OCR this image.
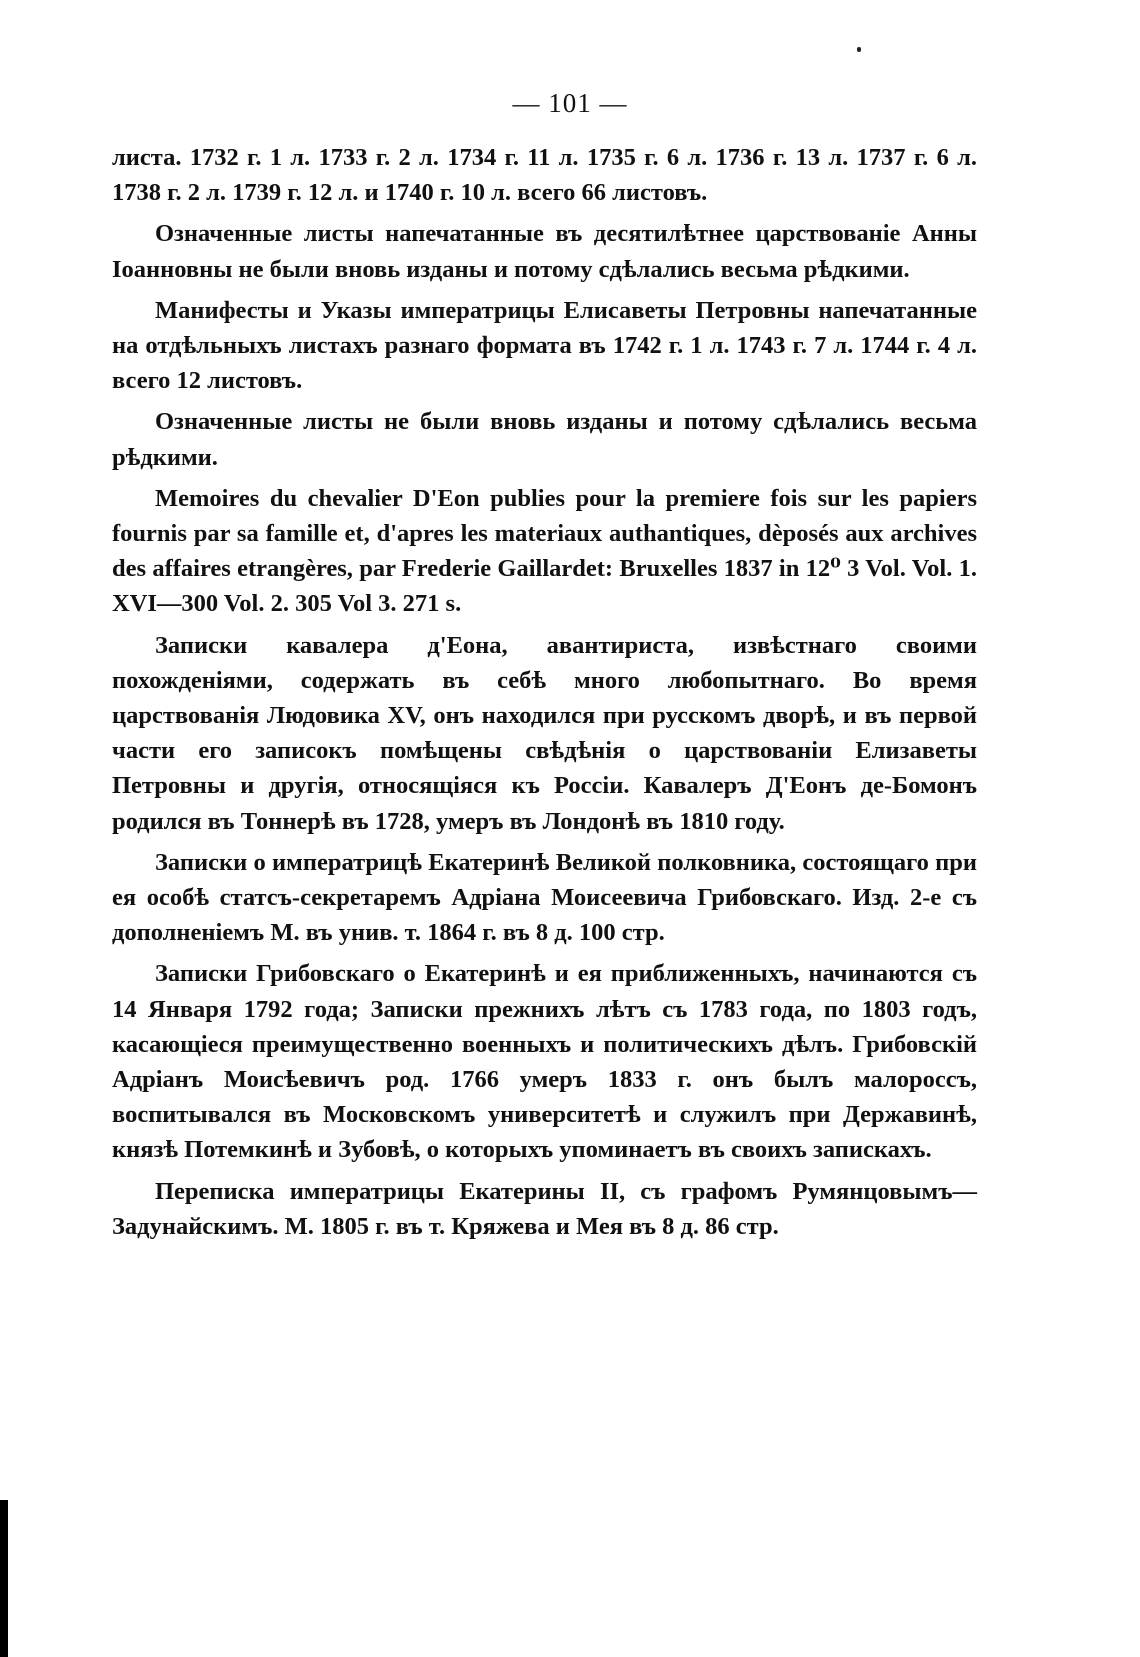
— 101 —

листа. 1732 г. 1 л. 1733 г. 2 л. 1734 г. 11 л. 1735 г. 6 л. 1736 г. 13 л. 1737 г. 6 л. 1738 г. 2 л. 1739 г. 12 л. и 1740 г. 10 л. всего 66 листовъ.

Означенные листы напечатанные въ десятилѣтнее царствованіе Анны Іоанновны не были вновь изданы и потому сдѣлались весьма рѣдкими.

Манифесты и Указы императрицы Елисаветы Петровны напечатанные на отдѣльныхъ листахъ разнаго формата въ 1742 г. 1 л. 1743 г. 7 л. 1744 г. 4 л. всего 12 листовъ.

Означенные листы не были вновь изданы и потому сдѣлались весьма рѣдкими.

Memoires du chevalier D'Eon publies pour la premiere fois sur les papiers fournis par sa famille et, d'apres les materiaux authantiques, dèposés aux archives des affaires etrangères, par Frederie Gaillardet: Bruxelles 1837 in 12⁰ 3 Vol. Vol. 1. XVI—300 Vol. 2. 305 Vol 3. 271 s.

Записки кавалера д'Еона, авантириста, извѣстнаго своими похожденіями, содержать въ себѣ много любопытнаго. Во время царствованія Людовика XV, онъ находился при русскомъ дворѣ, и въ первой части его записокъ помѣщены свѣдѣнія о царствованіи Елизаветы Петровны и другія, относящіяся къ Россіи. Кавалеръ Д'Еонъ де-Бомонъ родился въ Тоннерѣ въ 1728, умеръ въ Лондонѣ въ 1810 году.

Записки о императрицѣ Екатеринѣ Великой полковника, состоящаго при ея особѣ статсъ-секретаремъ Адріана Моисеевича Грибовскаго. Изд. 2-е съ дополненіемъ М. въ унив. т. 1864 г. въ 8 д. 100 стр.

Записки Грибовскаго о Екатеринѣ и ея приближенныхъ, начинаются съ 14 Января 1792 года; Записки прежнихъ лѣтъ съ 1783 года, по 1803 годъ, касающіеся преимущественно военныхъ и политическихъ дѣлъ. Грибовскій Адріанъ Моисѣевичъ род. 1766 умеръ 1833 г. онъ былъ малороссъ, воспитывался въ Московскомъ университетѣ и служилъ при Державинѣ, князѣ Потемкинѣ и Зубовѣ, о которыхъ упоминаетъ въ своихъ запискахъ.

Переписка императрицы Екатерины II, съ графомъ Румянцовымъ—Задунайскимъ. М. 1805 г. въ т. Кряжева и Мея въ 8 д. 86 стр.
